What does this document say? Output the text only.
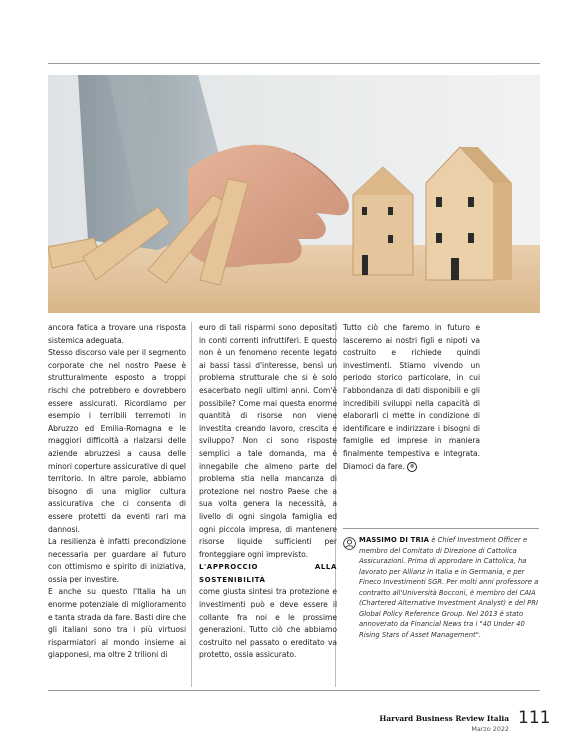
ancora fatica a trovare una risposta sistemica adeguata.

Stesso discorso vale per il segmento corporate che nel nostro Paese è strutturalmente esposto a troppi rischi che potrebbero e dovrebbero essere assicurati. Ricordiamo per esempio i terribili terremoti in Abruzzo ed Emilia-Romagna e le maggiori difficoltà a rialzarsi delle aziende abruzzesi a causa delle minori coperture assicurative di quel territorio. In altre parole, abbiamo bisogno di una miglior cultura assicurativa che ci consenta di essere protetti da eventi rari ma dannosi.

La resilienza è infatti precondizione necessaria per guardare al futuro con ottimismo e spirito di iniziativa, ossia per investire.

E anche su questo l'Italia ha un enorme potenziale di miglioramento e tanta strada da fare. Basti dire che gli italiani sono tra i più virtuosi risparmiatori al mondo insieme ai giapponesi, ma oltre 2 trilioni di

euro di tali risparmi sono depositati in conti correnti infruttiferi. E questo non è un fenomeno recente legato ai bassi tassi d'interesse, bensì un problema strutturale che si è solo esacerbato negli ultimi anni. Com'è possibile? Come mai questa enorme quantità di risorse non viene investita creando lavoro, crescita e sviluppo? Non ci sono risposte semplici a tale domanda, ma è innegabile che almeno parte del problema stia nella mancanza di protezione nel nostro Paese che a sua volta genera la necessità, a livello di ogni singola famiglia ed ogni piccola impresa, di mantenere risorse liquide sufficienti per fronteggiare ogni imprevisto.

L'APPROCCIO ALLA SOSTENIBILITÀ

come giusta sintesi tra protezione e investimenti può e deve essere il collante fra noi e le prossime generazioni. Tutto ciò che abbiamo costruito nel passato o ereditato va protetto, ossia assicurato.

Tutto ciò che faremo in futuro e lasceremo ai nostri figli e nipoti va costruito e richiede quindi investimenti. Stiamo vivendo un periodo storico particolare, in cui l'abbondanza di dati disponibili e gli incredibili sviluppi nella capacità di elaborarli ci mette in condizione di identificare e indirizzare i bisogni di famiglie ed imprese in maniera finalmente tempestiva e integrata. Diamoci da fare. ®

MASSIMO DI TRIA è Chief Investment Officer e membro del Comitato di Direzione di Cattolica Assicurazioni. Prima di approdare in Cattolica, ha lavorato per Allianz in Italia e in Germania, e per Fineco Investimenti SGR. Per molti anni professore a contratto all'Università Bocconi, è membro del CAIA (Chartered Alternative Investment Analyst) e del PRI Global Policy Reference Group. Nel 2013 è stato annoverato da Financial News tra i "40 Under 40 Rising Stars of Asset Management".

Harvard Business Review Italia
Marzo 2022
111
